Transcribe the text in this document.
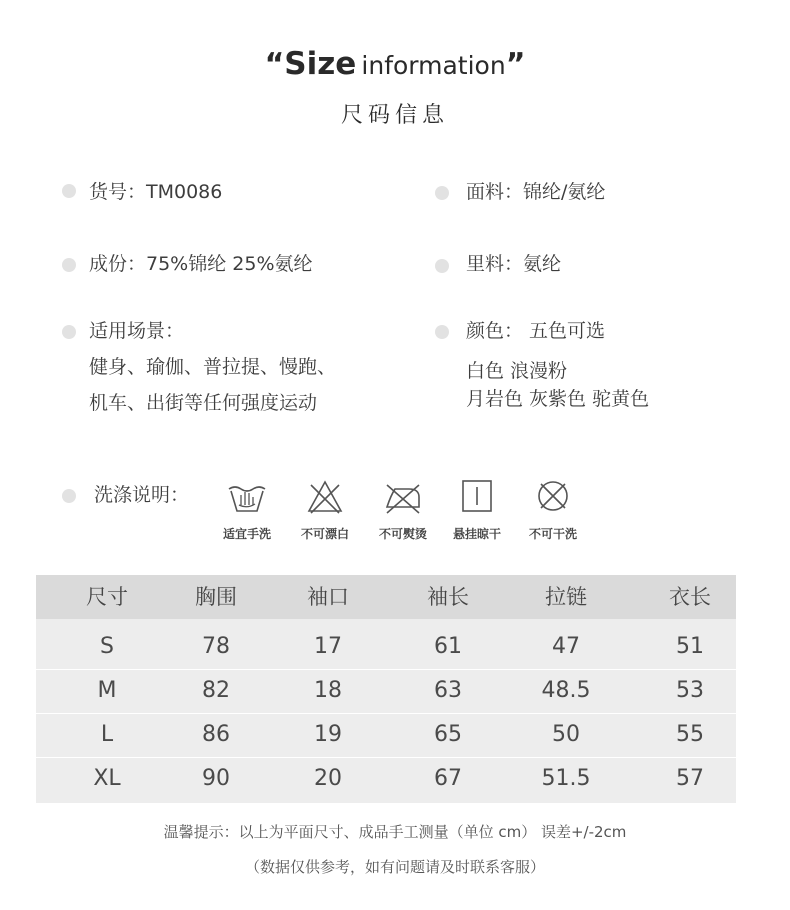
“Size information”
尺码信息
货号：TM0086	面料：锦纶/氨纶
成份：75%锦纶 25%氨纶	里料：氨纶
适用场景：
健身、瑜伽、普拉提、慢跑、
机车、出街等任何强度运动
颜色： 五色可选
白色 浪漫粉
月岩色 灰紫色 驼黄色
洗涤说明：
适宜手洗	不可漂白	不可熨烫	悬挂晾干	不可干洗
尺寸	胸围	袖口	袖长	拉链	衣长
S	78	17	61	47	51
M	82	18	63	48.5	53
L	86	19	65	50	55
XL	90	20	67	51.5	57
温馨提示：以上为平面尺寸、成品手工测量（单位 cm） 误差+/-2cm
（数据仅供参考，如有问题请及时联系客服）
